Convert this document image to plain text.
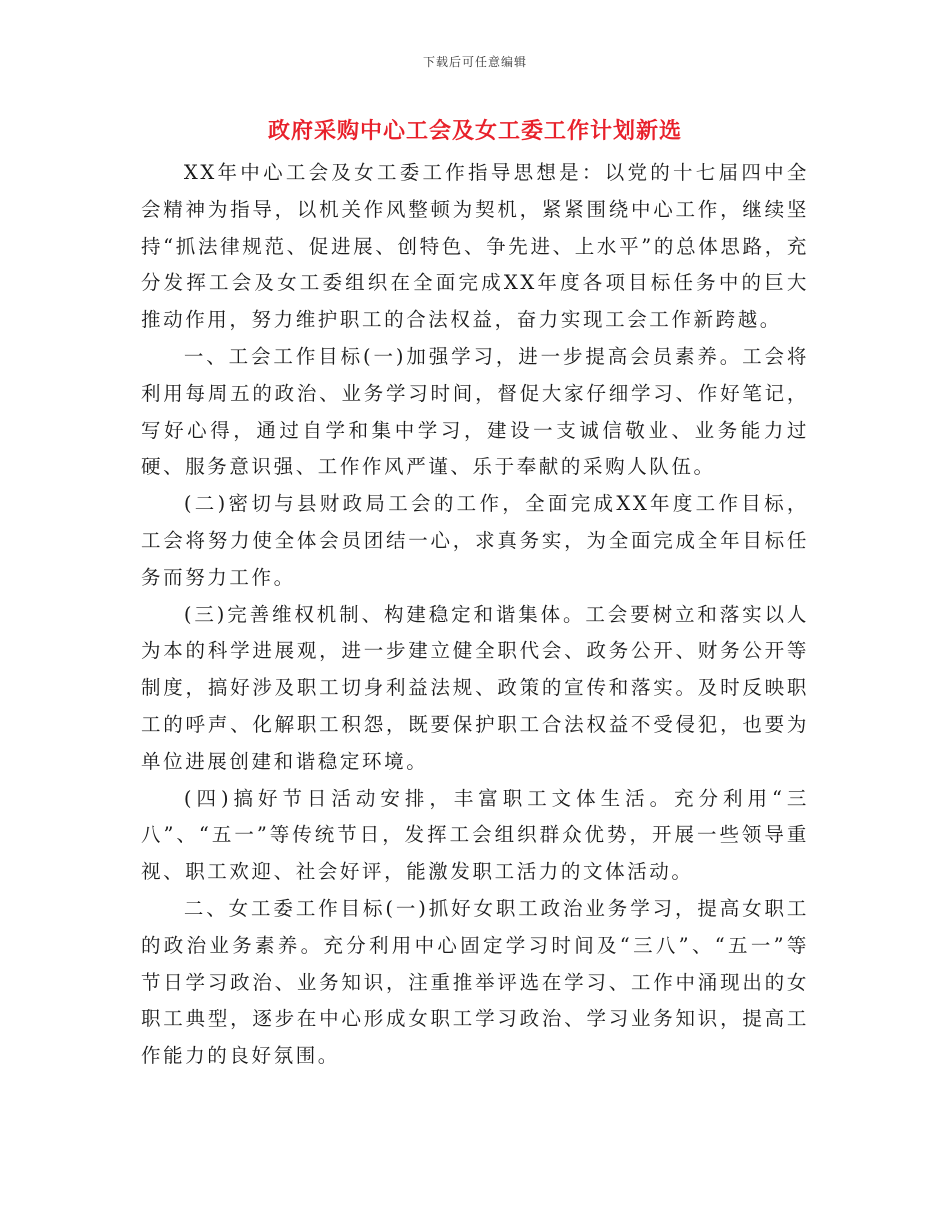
下载后可任意编辑
政府采购中心工会及女工委工作计划新选

XX年中心工会及女工委工作指导思想是：以党的十七届四中全会精神为指导，以机关作风整顿为契机，紧紧围绕中心工作，继续坚持“抓法律规范、促进展、创特色、争先进、上水平”的总体思路，充分发挥工会及女工委组织在全面完成XX年度各项目标任务中的巨大推动作用，努力维护职工的合法权益，奋力实现工会工作新跨越。

一、工会工作目标(一)加强学习，进一步提高会员素养。工会将利用每周五的政治、业务学习时间，督促大家仔细学习、作好笔记，写好心得，通过自学和集中学习，建设一支诚信敬业、业务能力过硬、服务意识强、工作作风严谨、乐于奉献的采购人队伍。

(二)密切与县财政局工会的工作，全面完成XX年度工作目标，工会将努力使全体会员团结一心，求真务实，为全面完成全年目标任务而努力工作。

(三)完善维权机制、构建稳定和谐集体。工会要树立和落实以人为本的科学进展观，进一步建立健全职代会、政务公开、财务公开等制度，搞好涉及职工切身利益法规、政策的宣传和落实。及时反映职工的呼声、化解职工积怨，既要保护职工合法权益不受侵犯，也要为单位进展创建和谐稳定环境。

(四)搞好节日活动安排，丰富职工文体生活。充分利用“三八”、“五一”等传统节日，发挥工会组织群众优势，开展一些领导重视、职工欢迎、社会好评，能激发职工活力的文体活动。

二、女工委工作目标(一)抓好女职工政治业务学习，提高女职工的政治业务素养。充分利用中心固定学习时间及“三八”、“五一”等节日学习政治、业务知识，注重推举评选在学习、工作中涌现出的女职工典型，逐步在中心形成女职工学习政治、学习业务知识，提高工作能力的良好氛围。
